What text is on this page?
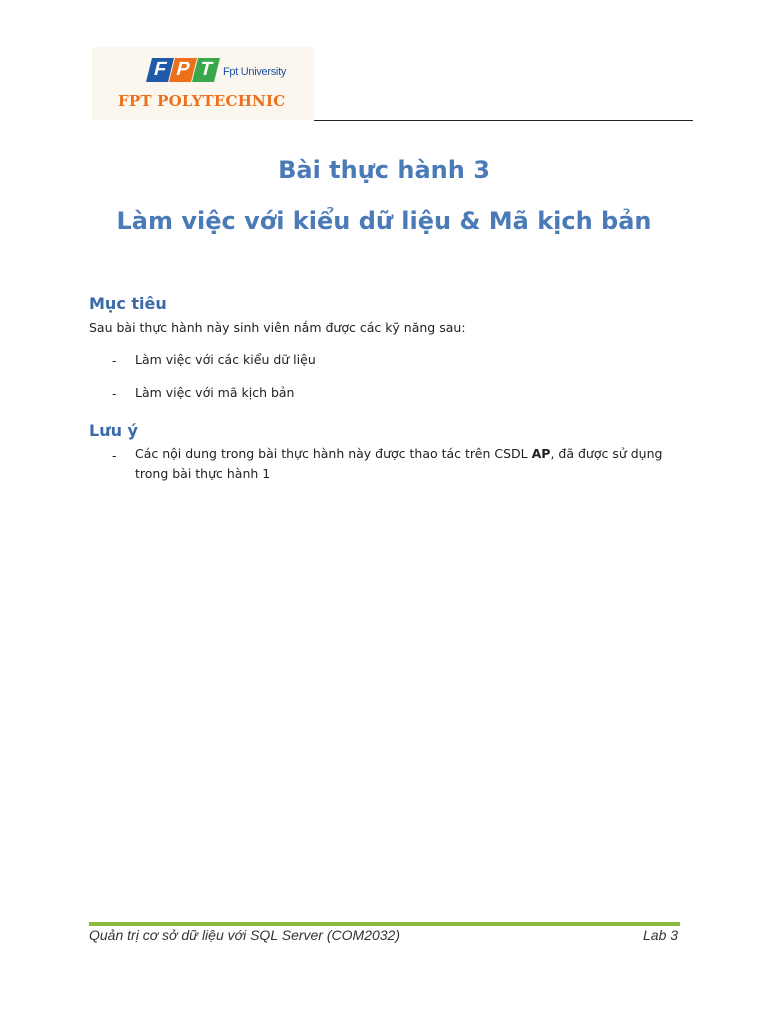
F P T Fpt University
FPT POLYTECHNIC
Bài thực hành 3
Làm việc với kiểu dữ liệu & Mã kịch bản
Mục tiêu
Sau bài thực hành này sinh viên nắm được các kỹ năng sau:
- Làm việc với các kiểu dữ liệu
- Làm việc với mã kịch bản
Lưu ý
- Các nội dung trong bài thực hành này được thao tác trên CSDL AP, đã được sử dụng trong bài thực hành 1
Quản trị cơ sở dữ liệu với SQL Server (COM2032)	Lab 3
